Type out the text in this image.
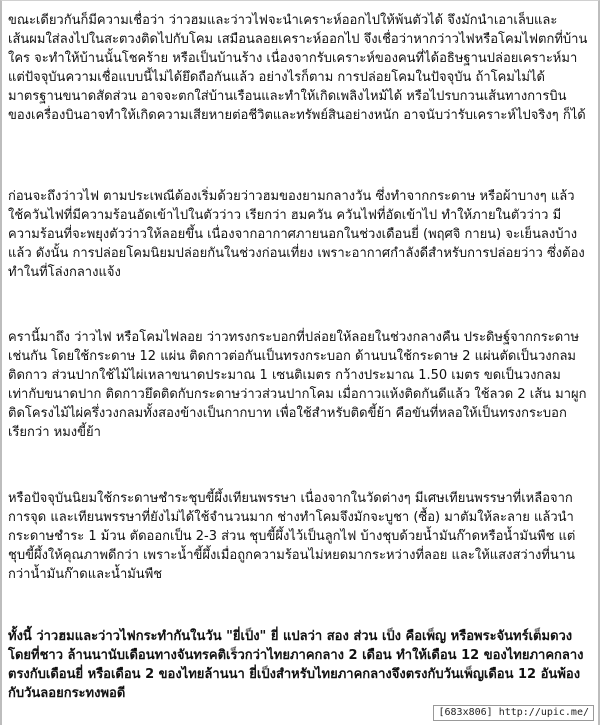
ขณะเดียวกันก็มีความเชื่อว่า ว่าวฮมและว่าวไฟจะนำเคราะห์ออกไปให้พ้นตัวได้ จึงมักนำเอาเล็บและเส้นผมใส่ลงไปในสะตวงติดไปกับโคม เสมือนลอยเคราะห์ออกไป จึงเชื่อว่าหากว่าวไฟหรือโคมไฟตกที่บ้านใคร จะทำให้บ้านนั้นโชคร้าย หรือเป็นบ้านร้าง เนื่องจากรับเคราะห์ของคนที่ได้อธิษฐานปล่อยเคราะห์มา แต่ปัจจุบันความเชื่อแบบนี้ไม่ได้ยึดถือกันแล้ว อย่างไรก็ตาม การปล่อยโคมในปัจจุบัน ถ้าโคมไม่ได้มาตรฐานขนาดสัดส่วน อาจจะตกใส่บ้านเรือนและทำให้เกิดเพลิงไหม้ได้ หรือไปรบกวนเส้นทางการบินของเครื่องบินอาจทำให้เกิดความเสียหายต่อชีวิตและทรัพย์สินอย่างหนัก อาจนับว่ารับเคราะห์ไปจริงๆ ก็ได้

ก่อนจะถึงว่าวไฟ ตามประเพณีต้องเริ่มด้วยว่าวฮมของยามกลางวัน ซึ่งทำจากกระดาษ หรือผ้าบางๆ แล้วใช้ควันไฟที่มีความร้อนอัดเข้าไปในตัวว่าว เรียกว่า ฮมควัน ควันไฟที่อัดเข้าไป ทำให้ภายในตัวว่าว มีความร้อนที่จะพยุงตัวว่าวให้ลอยขึ้น เนื่องจากอากาศภายนอกในช่วงเดือนยี่ (พฤศจิ กายน) จะเย็นลงบ้างแล้ว ดังนั้น การปล่อยโคมนิยมปล่อยกันในช่วงก่อนเที่ยง เพราะอากาศกำลังดีสำหรับการปล่อยว่าว ซึ่งต้องทำในที่โล่งกลางแจ้ง

ครานี้มาถึง ว่าวไฟ หรือโคมไฟลอย ว่าวทรงกระบอกที่ปล่อยให้ลอยในช่วงกลางคืน ประดิษฐ์จากกระดาษเช่นกัน โดยใช้กระดาษ 12 แผ่น ติดกาวต่อกันเป็นทรงกระบอก ด้านบนใช้กระดาษ 2 แผ่นตัดเป็นวงกลม ติดกาว ส่วนปากใช้ไม้ไผ่เหลาขนาดประมาณ 1 เซนติเมตร กว้างประมาณ 1.50 เมตร ขดเป็นวงกลมเท่ากับขนาดปาก ติดกาวยึดติดกับกระดาษว่าวส่วนปากโคม เมื่อกาวแห้งติดกันดีแล้ว ใช้ลวด 2 เส้น มาผูกติดโครงไม้ไผ่ครึ่งวงกลมทั้งสองข้างเป็นกากบาท เพื่อใช้สำหรับติดขี้ย้า คือขันที่หลอให้เป็นทรงกระบอก เรียกว่า หมงขี้ย้า

หรือปัจจุบันนิยมใช้กระดาษชำระชุบขี้ผึ้งเทียนพรรษา เนื่องจากในวัดต่างๆ มีเศษเทียนพรรษาที่เหลือจากการจุด และเทียนพรรษาที่ยังไม่ได้ใช้จำนวนมาก ช่างทำโคมจึงมักจะบูชา (ซื้อ) มาตัมให้ละลาย แล้วนำกระดาษชำระ 1 ม้วน ตัดออกเป็น 2-3 ส่วน ชุบขี้ผึ้งไว้เป็นลูกไฟ บ้างชุบด้วยน้ำมันก๊าดหรือน้ำมันพืช แต่ชุบขี้ผึ้งให้คุณภาพดีกว่า เพราะน้ำขี้ผึ้งเมื่อถูกความร้อนไม่หยดมากระหว่างที่ลอย และให้แสงสว่างที่นานกว่าน้ำมันก๊าดและน้ำมันพืช

ทั้งนี้ ว่าวฮมและว่าวไฟกระทำกันในวัน "ยี่เป็ง" ยี่ แปลว่า สอง ส่วน เป็ง คือเพ็ญ หรือพระจันทร์เต็มดวง โดยที่ชาว ล้านนานับเดือนทางจันทรคติเร็วกว่าไทยภาคกลาง 2 เดือน ทำให้เดือน 12 ของไทยภาคกลาง ตรงกับเดือนยี่ หรือเดือน 2 ของไทยล้านนา ยี่เป็งสำหรับไทยภาคกลางจึงตรงกับวันเพ็ญเดือน 12 อันพ้องกับวันลอยกระทงพอดี

[683x806] http://upic.me/
